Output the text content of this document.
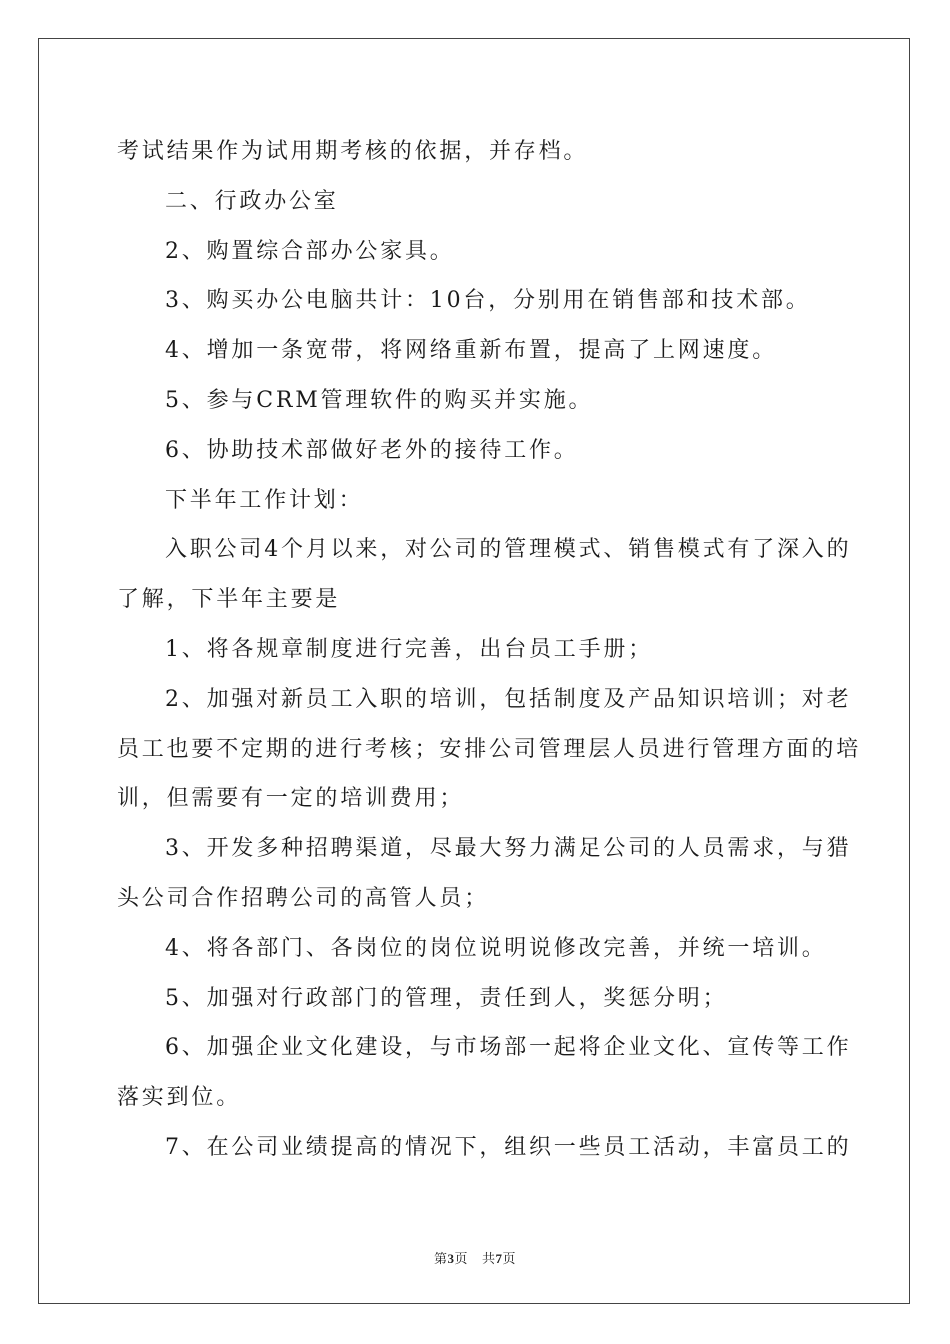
考试结果作为试用期考核的依据，并存档。

二、行政办公室

2、购置综合部办公家具。

3、购买办公电脑共计：10台，分别用在销售部和技术部。

4、增加一条宽带，将网络重新布置，提高了上网速度。

5、参与CRM管理软件的购买并实施。

6、协助技术部做好老外的接待工作。

下半年工作计划：

入职公司4个月以来，对公司的管理模式、销售模式有了深入的
了解，下半年主要是

1、将各规章制度进行完善，出台员工手册；

2、加强对新员工入职的培训，包括制度及产品知识培训；对老
员工也要不定期的进行考核；安排公司管理层人员进行管理方面的培
训，但需要有一定的培训费用；

3、开发多种招聘渠道，尽最大努力满足公司的人员需求，与猎
头公司合作招聘公司的高管人员；

4、将各部门、各岗位的岗位说明说修改完善，并统一培训。

5、加强对行政部门的管理，责任到人，奖惩分明；

6、加强企业文化建设，与市场部一起将企业文化、宣传等工作
落实到位。

7、在公司业绩提高的情况下，组织一些员工活动，丰富员工的

第3页 共7页
